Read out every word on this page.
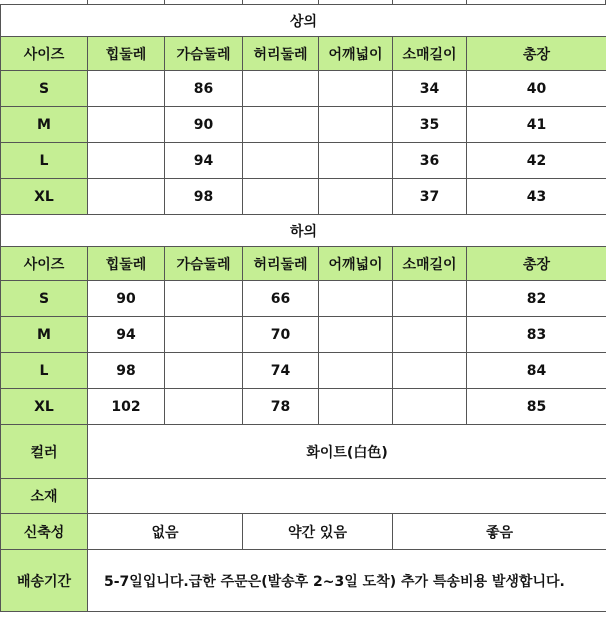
상의						
사이즈	힙둘레	가슴둘레	허리둘레	어깨넓이	소매길이	총장
S		86			34	40
M		90			35	41
L		94			36	42
XL		98			37	43
하의						
사이즈	힙둘레	가슴둘레	허리둘레	어깨넓이	소매길이	총장
S	90		66			82
M	94		70			83
L	98		74			84
XL	102		78			85
컬러	화이트(白色)					
소재						
신축성	없음		약간 있음		좋음	
배송기간	5-7일입니다.급한 주문은(발송후 2~3일 도착) 추가 특송비용 발생합니다.					
